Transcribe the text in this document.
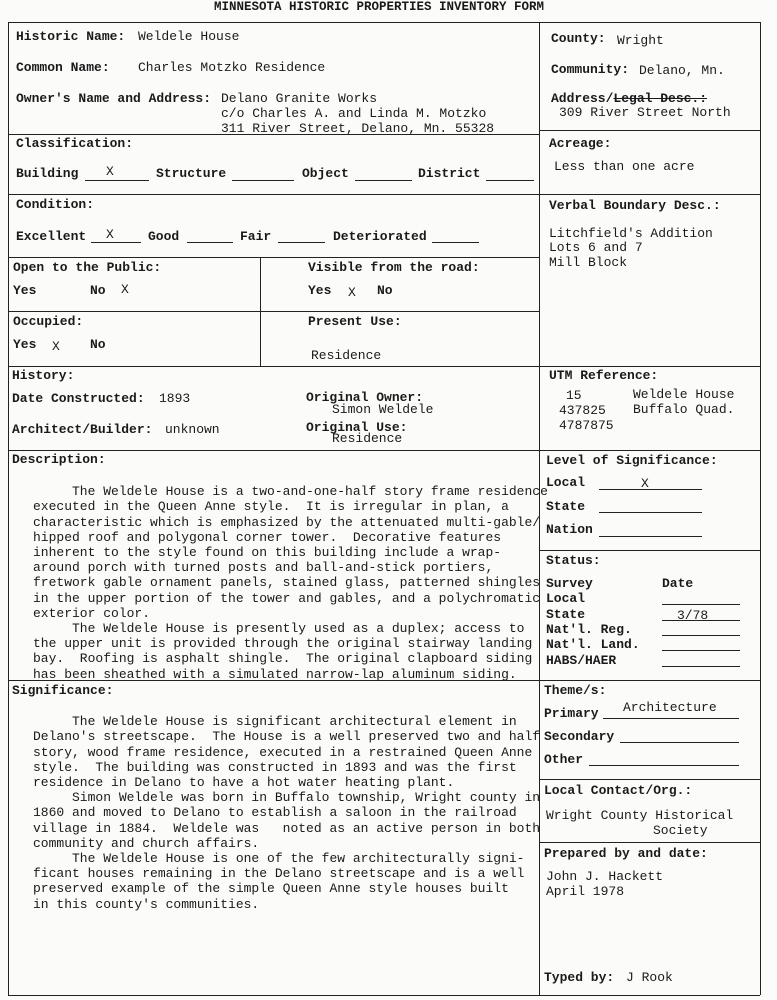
MINNESOTA HISTORIC PROPERTIES INVENTORY FORM
Historic Name: Weldele House
Common Name: Charles Motzko Residence
Owner's Name and Address: Delano Granite Works
c/o Charles A. and Linda M. Motzko
311 River Street, Delano, Mn. 55328
County: Wright
Community: Delano, Mn.
Address/Legal Desc.:
309 River Street North
Classification:
Building X	Structure	Object	District
Acreage:
Less than one acre
Condition:
Excellent X	Good	Fair	Deteriorated
Verbal Boundary Desc.:
Litchfield's Addition
Lots 6 and 7
Mill Block
Open to the Public:
Yes	No X
Visible from the road:
Yes X No
Occupied:
Yes X No
Present Use:
Residence
History:
Date Constructed: 1893
Architect/Builder: unknown
Original Owner:
Simon Weldele
Original Use:
Residence
UTM Reference:
15
437825
4787875
Weldele House
Buffalo Quad.
Description:

The Weldele House is a two-and-one-half story frame residence
executed in the Queen Anne style.  It is irregular in plan, a
characteristic which is emphasized by the attenuated multi-gable/
hipped roof and polygonal corner tower.  Decorative features
inherent to the style found on this building include a wrap-
around porch with turned posts and ball-and-stick portiers,
fretwork gable ornament panels, stained glass, patterned shingles
in the upper portion of the tower and gables, and a polychromatic
exterior color.
The Weldele House is presently used as a duplex; access to
the upper unit is provided through the original stairway landing
bay.  Roofing is asphalt shingle.  The original clapboard siding
has been sheathed with a simulated narrow-lap aluminum siding.

Level of Significance:
Local	X
State
Nation
Status:
Survey	Date
Local
State	3/78
Nat'l. Reg.
Nat'l. Land.
HABS/HAER
Significance:

The Weldele House is significant architectural element in
Delano's streetscape.  The House is a well preserved two and half
story, wood frame residence, executed in a restrained Queen Anne
style.  The building was constructed in 1893 and was the first
residence in Delano to have a hot water heating plant.
Simon Weldele was born in Buffalo township, Wright county in
1860 and moved to Delano to establish a saloon in the railroad
village in 1884.  Weldele was   noted as an active person in both
community and church affairs.
The Weldele House is one of the few architecturally signi-
ficant houses remaining in the Delano streetscape and is a well
preserved example of the simple Queen Anne style houses built
in this county's communities.

Theme/s:
Primary Architecture
Secondary
Other
Local Contact/Org.:
Wright County Historical
Society
Prepared by and date:
John J. Hackett
April 1978
Typed by: J Rook
